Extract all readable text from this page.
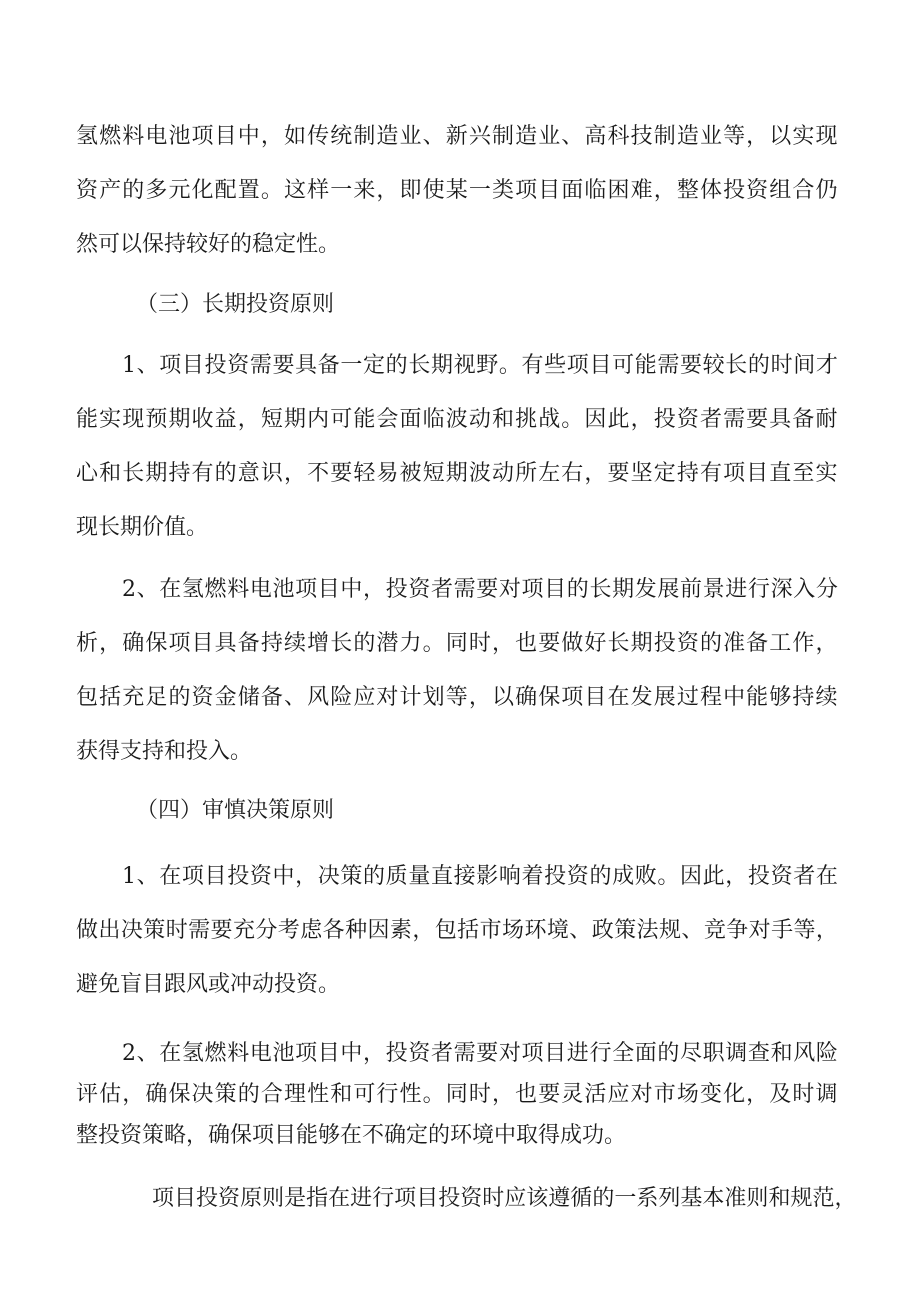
氢 燃 料 电 池 项 目 中 ， 如 传 统 制 造 业 、 新 兴 制 造 业 、 高 科 技 制 造 业 等 ， 以 实 现
资 产 的 多 元 化 配 置 。 这 样 一 来 ， 即 使 某 一 类 项 目 面 临 困 难 ， 整 体 投 资 组 合 仍
然可以保持较好的稳定性。
（三）长期投资原则
1 、 项 目 投 资 需 要 具 备 一 定 的 长 期 视 野 。 有 些 项 目 可 能 需 要 较 长 的 时 间 才
能 实 现 预 期 收 益 ， 短 期 内 可 能 会 面 临 波 动 和 挑 战 。 因 此 ， 投 资 者 需 要 具 备 耐
心 和 长 期 持 有 的 意 识 ， 不 要 轻 易 被 短 期 波 动 所 左 右 ， 要 坚 定 持 有 项 目 直 至 实
现长期价值。
2 、 在 氢 燃 料 电 池 项 目 中 ， 投 资 者 需 要 对 项 目 的 长 期 发 展 前 景 进 行 深 入 分
析 ， 确 保 项 目 具 备 持 续 增 长 的 潜 力 。 同 时 ， 也 要 做 好 长 期 投 资 的 准 备 工 作 ，
包 括 充 足 的 资 金 储 备 、 风 险 应 对 计 划 等 ， 以 确 保 项 目 在 发 展 过 程 中 能 够 持 续
获得支持和投入。
（四）审慎决策原则
1 、 在 项 目 投 资 中 ， 决 策 的 质 量 直 接 影 响 着 投 资 的 成 败 。 因 此 ， 投 资 者 在
做 出 决 策 时 需 要 充 分 考 虑 各 种 因 素 ， 包 括 市 场 环 境 、 政 策 法 规 、 竞 争 对 手 等 ，
避免盲目跟风或冲动投资。
2 、 在 氢 燃 料 电 池 项 目 中 ， 投 资 者 需 要 对 项 目 进 行 全 面 的 尽 职 调 查 和 风 险
评 估 ， 确 保 决 策 的 合 理 性 和 可 行 性 。 同 时 ， 也 要 灵 活 应 对 市 场 变 化 ， 及 时 调
整投资策略，确保项目能够在不确定的环境中取得成功。
项 目 投 资 原 则 是 指 在 进 行 项 目 投 资 时 应 该 遵 循 的 一 系 列 基 本 准 则 和 规 范 ，
